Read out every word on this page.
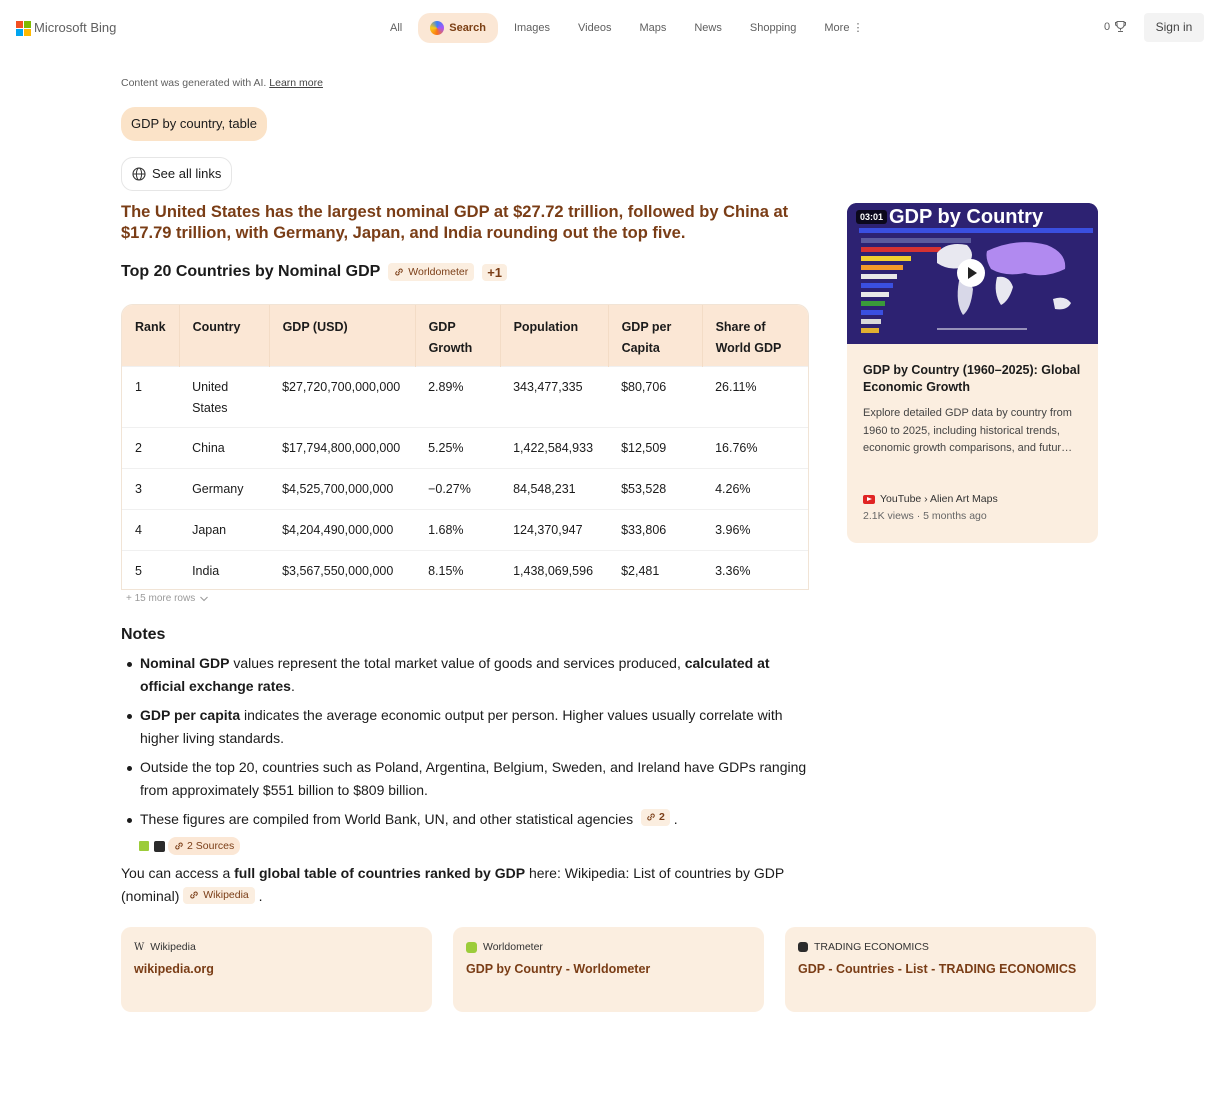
Microsoft Bing	All	Search	Images	Videos	Maps	News	Shopping	More ⋮	0	Sign in
Content was generated with AI. Learn more
GDP by country, table
See all links
The United States has the largest nominal GDP at $27.72 trillion, followed by China at $17.79 trillion, with Germany, Japan, and India rounding out the top five.
Top 20 Countries by Nominal GDP	Worldometer	+1
Rank	Country	GDP (USD)	GDP Growth	Population	GDP per Capita	Share of World GDP
1	United States	$27,720,700,000,000	2.89%	343,477,335	$80,706	26.11%
2	China	$17,794,800,000,000	5.25%	1,422,584,933	$12,509	16.76%
3	Germany	$4,525,700,000,000	−0.27%	84,548,231	$53,528	4.26%
4	Japan	$4,204,490,000,000	1.68%	124,370,947	$33,806	3.96%
5	India	$3,567,550,000,000	8.15%	1,438,069,596	$2,481	3.36%
+ 15 more rows
Notes
Nominal GDP values represent the total market value of goods and services produced, calculated at official exchange rates.
GDP per capita indicates the average economic output per person. Higher values usually correlate with higher living standards.
Outside the top 20, countries such as Poland, Argentina, Belgium, Sweden, and Ireland have GDPs ranging from approximately $551 billion to $809 billion.
These figures are compiled from World Bank, UN, and other statistical agencies 2 .
2 Sources
You can access a full global table of countries ranked by GDP here: Wikipedia: List of countries by GDP (nominal) Wikipedia .
W Wikipedia
wikipedia.org
Worldometer
GDP by Country - Worldometer
TRADING ECONOMICS
GDP - Countries - List - TRADING ECONOMICS
03:01 GDP by Country
GDP by Country (1960–2025): Global Economic Growth
Explore detailed GDP data by country from 1960 to 2025, including historical trends, economic growth comparisons, and futur…
YouTube › Alien Art Maps
2.1K views · 5 months ago
